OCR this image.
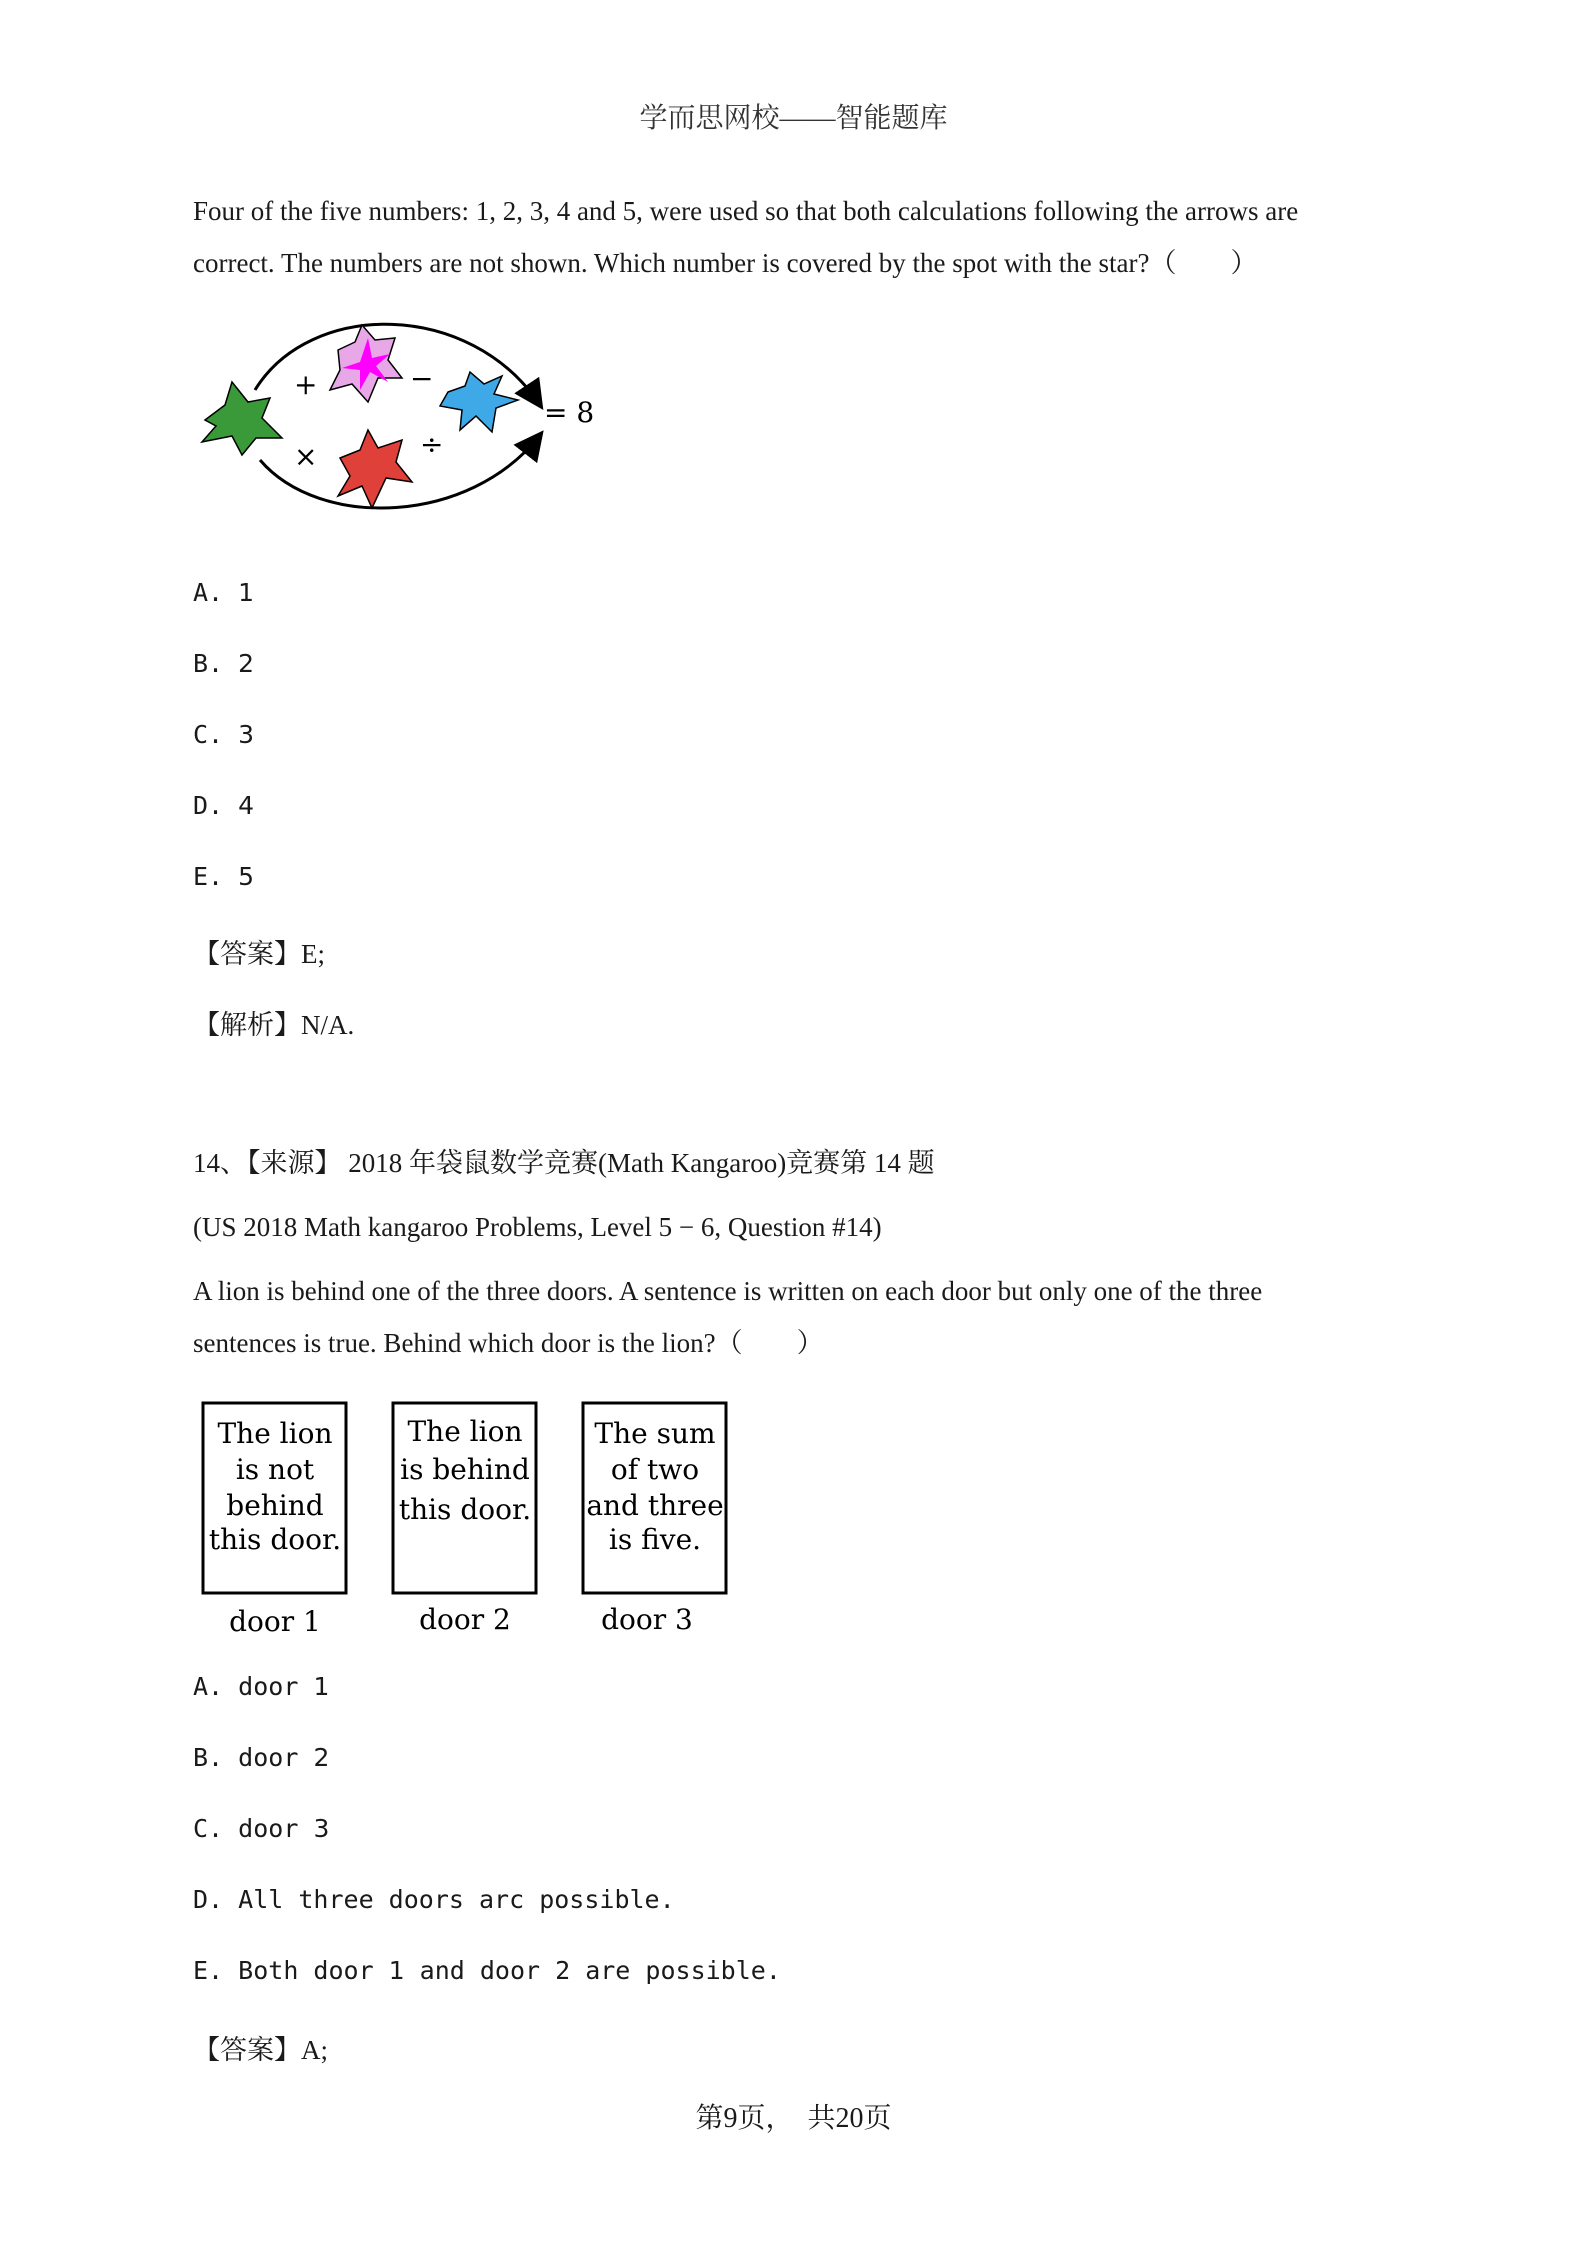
学而思网校——智能题库
Four of the five numbers: 1, 2, 3, 4 and 5, were used so that both calculations following the arrows are
correct. The numbers are not shown. Which number is covered by the spot with the star?（　　）
+	−
×	÷
= 8
A. 1
B. 2
C. 3
D. 4
E. 5
【答案】E;
【解析】N/A.
14、【来源】 2018 年袋鼠数学竞赛(Math Kangaroo)竞赛第 14 题
(US 2018 Math kangaroo Problems, Level 5 − 6, Question #14)
A lion is behind one of the three doors. A sentence is written on each door but only one of the three
sentences is true. Behind which door is the lion?（　　）
The lion
is not
behind
this door.
door 1
The lion
is behind
this door.
door 2
The sum
of two
and three
is five.
door 3
A. door 1
B. door 2
C. door 3
D. All three doors arc possible.
E. Both door 1 and door 2 are possible.
【答案】A;
第9页，　共20页
